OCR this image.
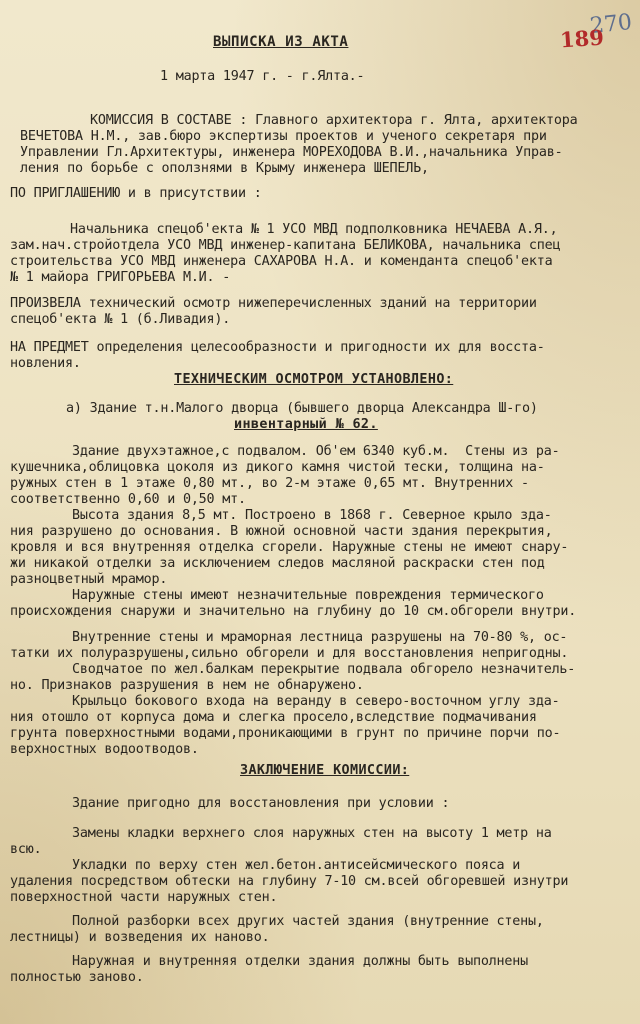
270
189
ВЫПИСКА ИЗ АКТА
1 марта 1947 г. - г.Ялта.-
КОМИССИЯ В СОСТАВЕ : Главного архитектора г. Ялта, архитектора
ВЕЧЕТОВА Н.М., зав.бюро экспертизы проектов и ученого секретаря при
Управлении Гл.Архитектуры, инженера МОРЕХОДОВА В.И.,начальника Управ-
ления по борьбе с оползнями в Крыму инженера ШЕПЕЛЬ,
ПО ПРИГЛАШЕНИЮ и в присутствии :
Начальника спецоб'екта № 1 УСО МВД подполковника НЕЧАЕВА А.Я.,
зам.нач.стройотдела УСО МВД инженер-капитана БЕЛИКОВА, начальника спец
строительства УСО МВД инженера САХАРОВА Н.А. и коменданта спецоб'екта
№ 1 майора ГРИГОРЬЕВА М.И. -
ПРОИЗВЕЛА технический осмотр нижеперечисленных зданий на территории
спецоб'екта № 1 (б.Ливадия).
НА ПРЕДМЕТ определения целесообразности и пригодности их для восста-
новления.
ТЕХНИЧЕСКИМ ОСМОТРОМ УСТАНОВЛЕНО:
а) Здание т.н.Малого дворца (бывшего дворца Александра Ш-го)
инвентарный № 62.
Здание двухэтажное,с подвалом. Об'ем 6340 куб.м.  Стены из ра-
кушечника,облицовка цоколя из дикого камня чистой тески, толщина на-
ружных стен в 1 этаже 0,80 мт., во 2-м этаже 0,65 мт. Внутренних -
соответственно 0,60 и 0,50 мт.
Высота здания 8,5 мт. Построено в 1868 г. Северное крыло зда-
ния разрушено до основания. В южной основной части здания перекрытия,
кровля и вся внутренняя отделка сгорели. Наружные стены не имеют снару-
жи никакой отделки за исключением следов масляной раскраски стен под
разноцветный мрамор.
Наружные стены имеют незначительные повреждения термического
происхождения снаружи и значительно на глубину до 10 см.обгорели внутри.
Внутренние стены и мраморная лестница разрушены на 70-80 %, ос-
татки их полуразрушены,сильно обгорели и для восстановления непригодны.
Сводчатое по жел.балкам перекрытие подвала обгорело незначитель-
но. Признаков разрушения в нем не обнаружено.
Крыльцо бокового входа на веранду в северо-восточном углу зда-
ния отошло от корпуса дома и слегка просело,вследствие подмачивания
грунта поверхностными водами,проникающими в грунт по причине порчи по-
верхностных водоотводов.
ЗАКЛЮЧЕНИЕ КОМИССИИ:
Здание пригодно для восстановления при условии :
Замены кладки верхнего слоя наружных стен на высоту 1 метр на
всю.
Укладки по верху стен жел.бетон.антисейсмического пояса и
удаления посредством обтески на глубину 7-10 см.всей обгоревшей изнутри
поверхностной части наружных стен.
Полной разборки всех других частей здания (внутренние стены,
лестницы) и возведения их наново.
Наружная и внутренняя отделки здания должны быть выполнены
полностью заново.
